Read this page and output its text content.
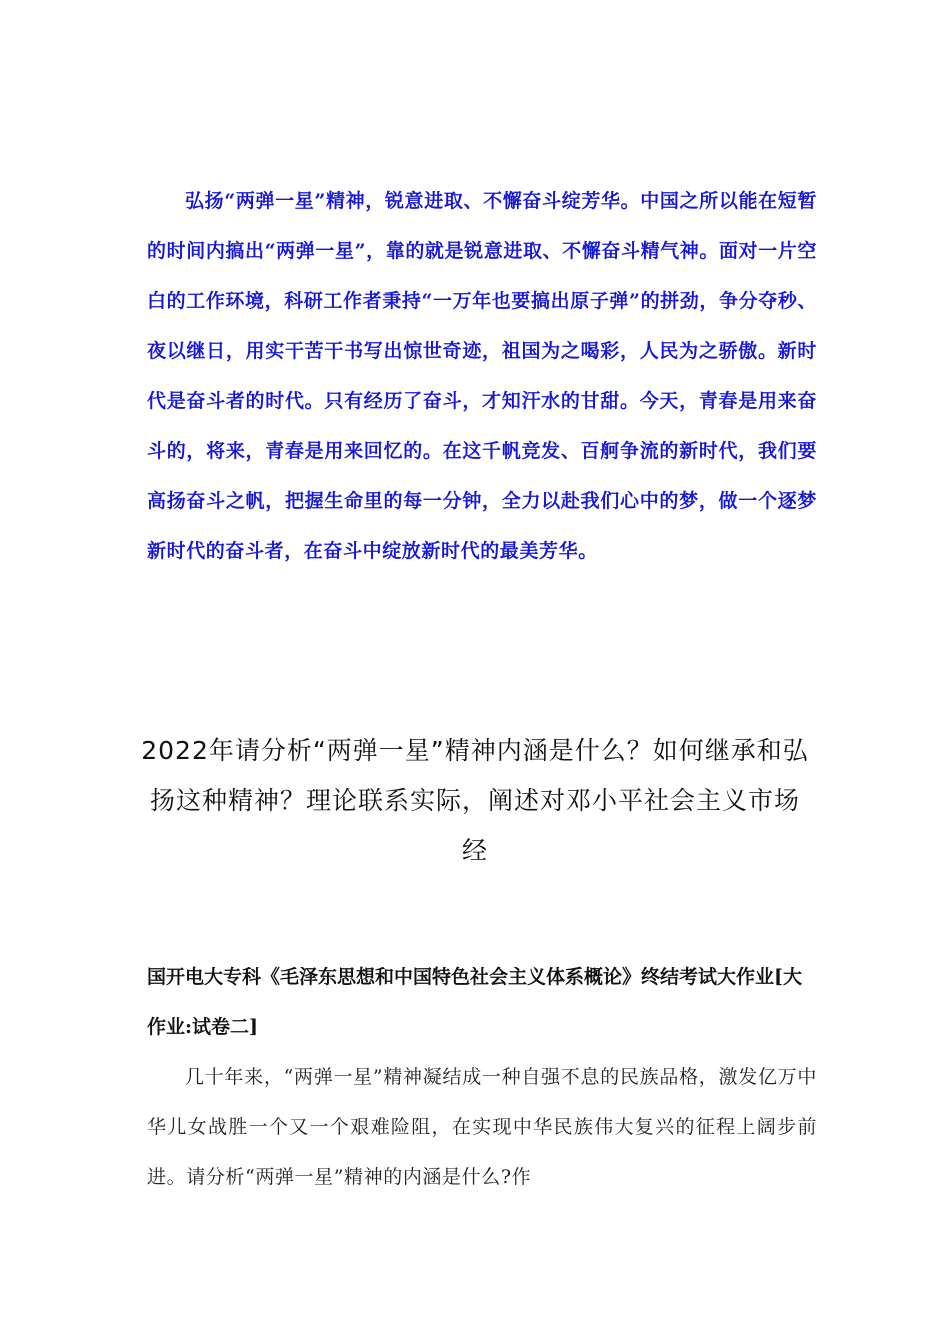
弘扬“两弹一星”精神，锐意进取、不懈奋斗绽芳华。中国之所以能在短暂的时间内搞出“两弹一星”，靠的就是锐意进取、不懈奋斗精气神。面对一片空白的工作环境，科研工作者秉持“一万年也要搞出原子弹”的拼劲，争分夺秒、夜以继日，用实干苦干书写出惊世奇迹，祖国为之喝彩，人民为之骄傲。新时代是奋斗者的时代。只有经历了奋斗，才知汗水的甘甜。今天，青春是用来奋斗的，将来，青春是用来回忆的。在这千帆竞发、百舸争流的新时代，我们要高扬奋斗之帆，把握生命里的每一分钟，全力以赴我们心中的梦，做一个逐梦新时代的奋斗者，在奋斗中绽放新时代的最美芳华。

2022年请分析“两弹一星”精神内涵是什么？如何继承和弘扬这种精神？理论联系实际，阐述对邓小平社会主义市场经

国开电大专科《毛泽东思想和中国特色社会主义体系概论》终结考试大作业[大作业:试卷二]

几十年来，“两弹一星”精神凝结成一种自强不息的民族品格，激发亿万中华儿女战胜一个又一个艰难险阻，在实现中华民族伟大复兴的征程上阔步前进。请分析“两弹一星”精神的内涵是什么?作
